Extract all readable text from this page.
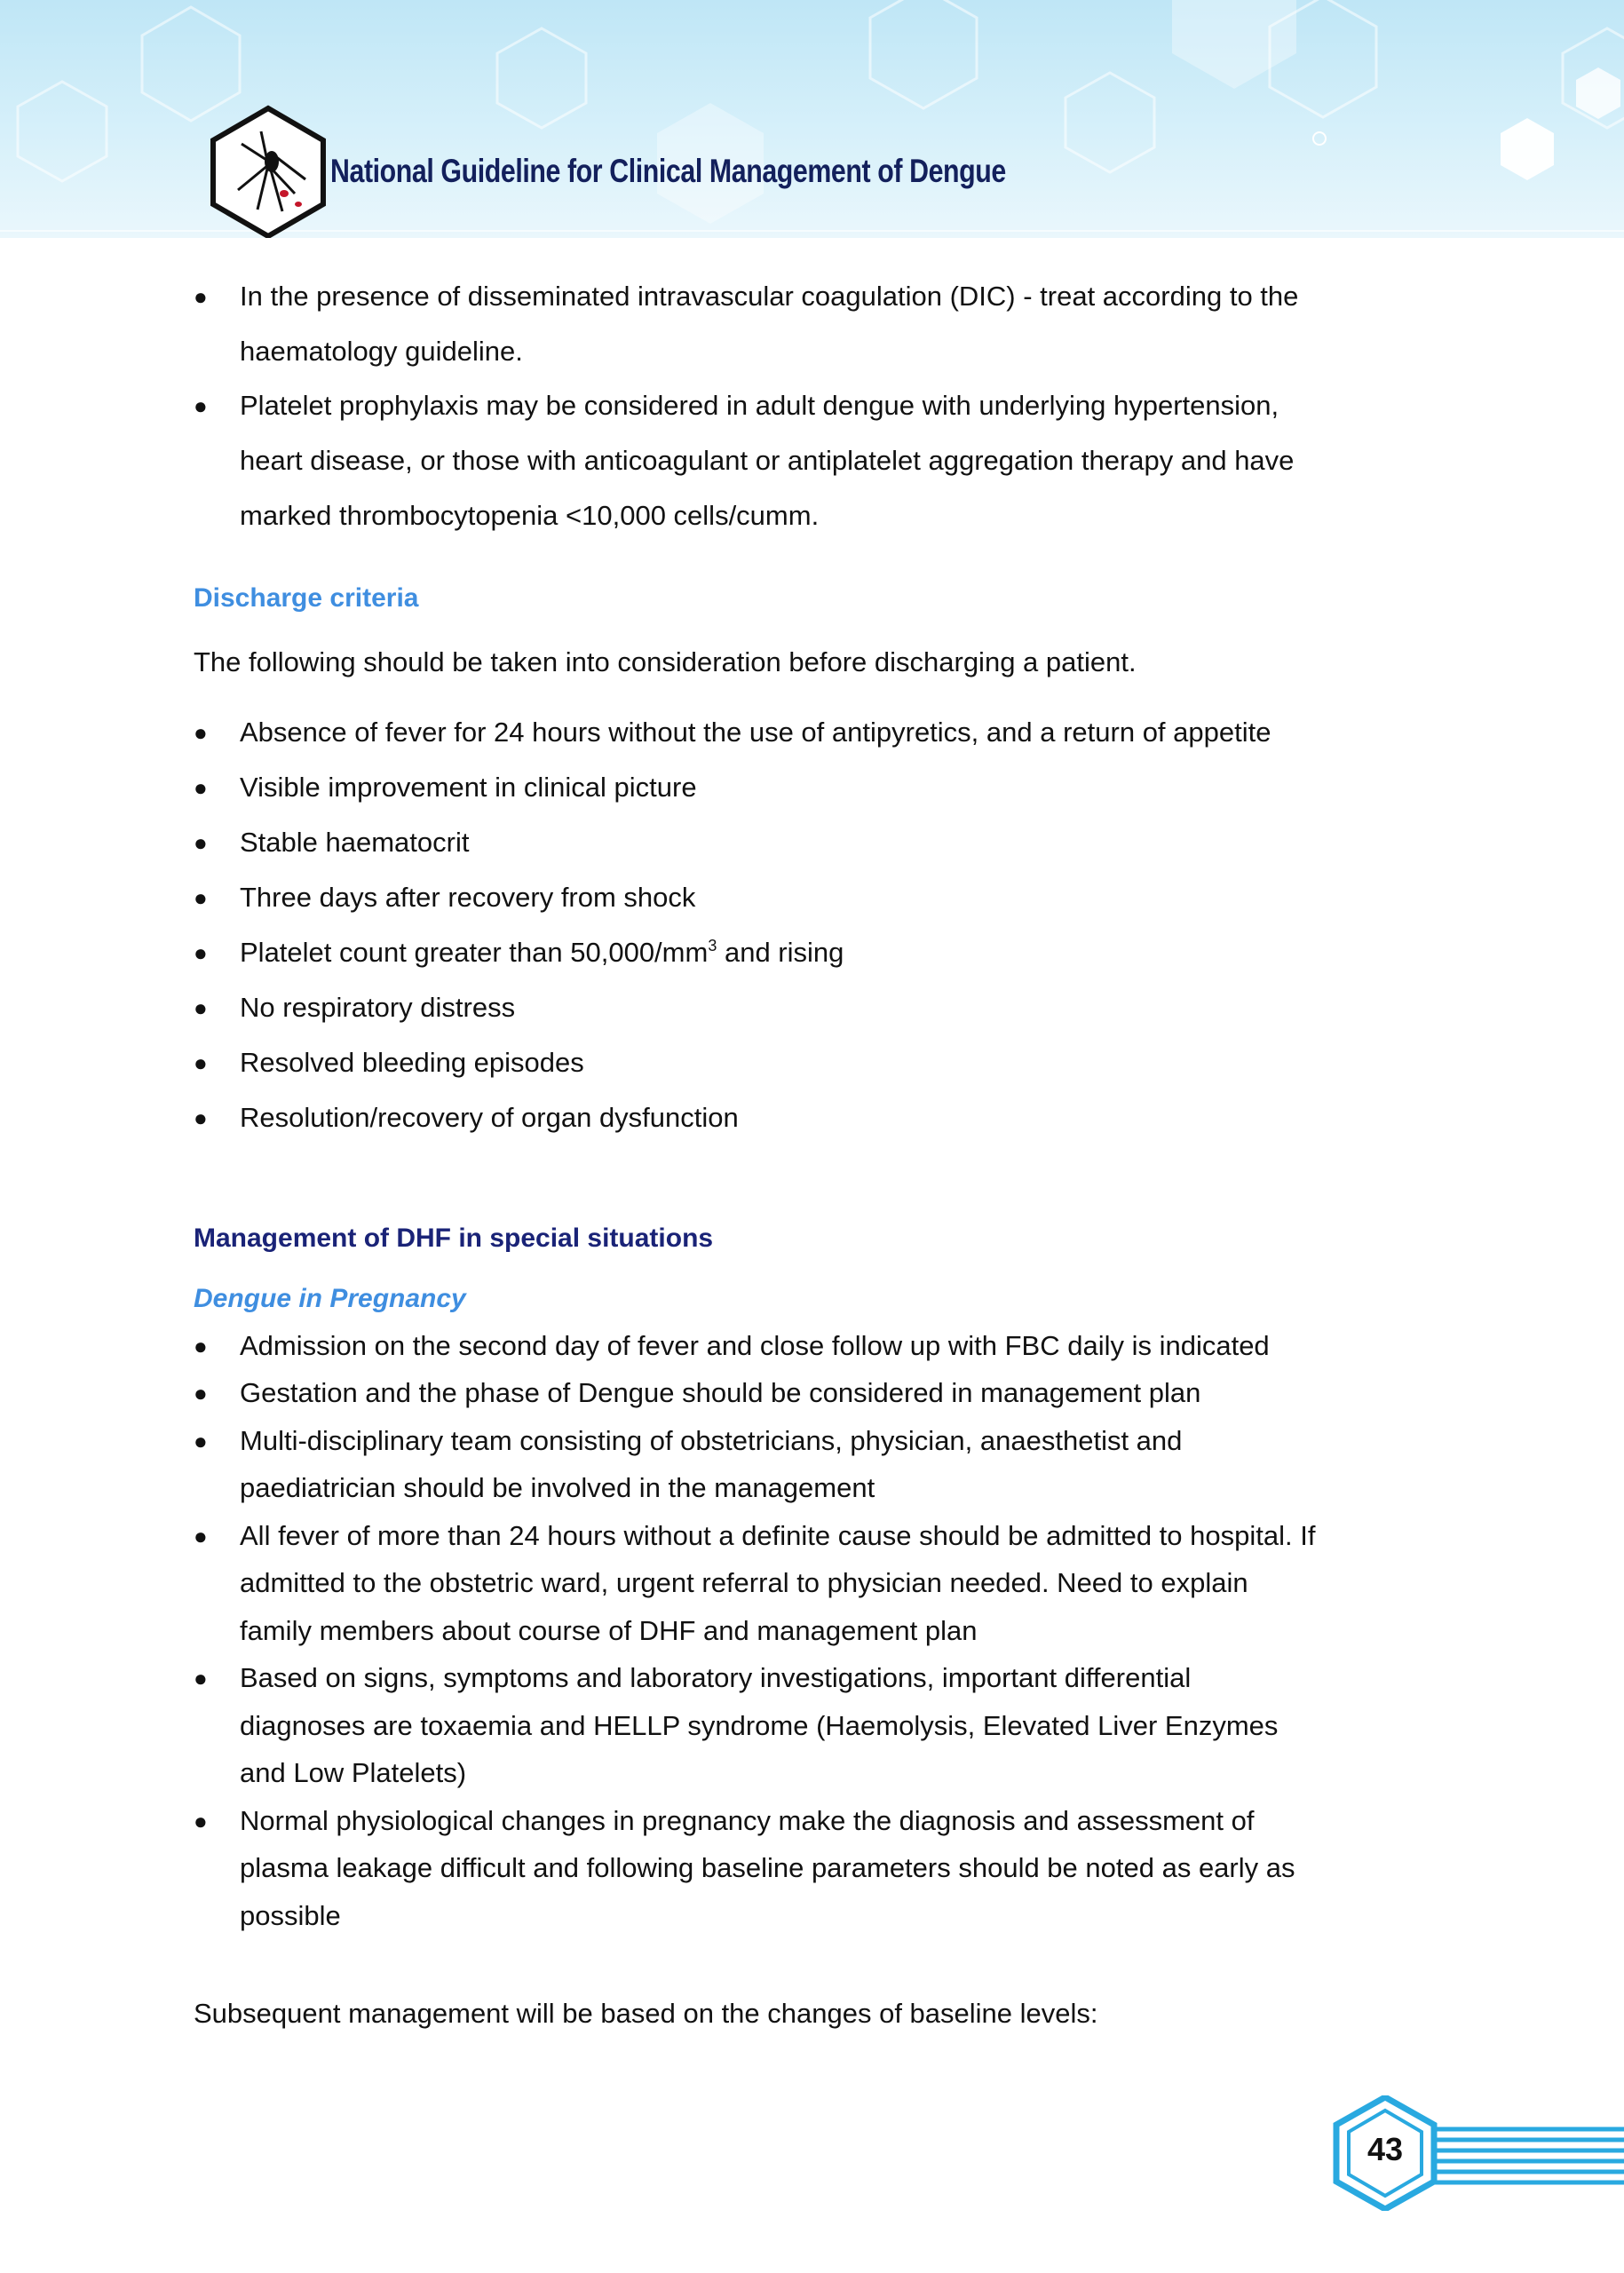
National Guideline for Clinical Management of Dengue
● In the presence of disseminated intravascular coagulation (DIC) - treat according to the
haematology guideline.
● Platelet prophylaxis may be considered in adult dengue with underlying hypertension,
heart disease, or those with anticoagulant or antiplatelet aggregation therapy and have
marked thrombocytopenia <10,000 cells/cumm.
Discharge criteria
The following should be taken into consideration before discharging a patient.
● Absence of fever for 24 hours without the use of antipyretics, and a return of appetite
● Visible improvement in clinical picture
● Stable haematocrit
● Three days after recovery from shock
● Platelet count greater than $50,000/mm^3$ and rising
● No respiratory distress
● Resolved bleeding episodes
● Resolution/recovery of organ dysfunction
Management of DHF in special situations
Dengue in Pregnancy
● Admission on the second day of fever and close follow up with FBC daily is indicated
● Gestation and the phase of Dengue should be considered in management plan
● Multi-disciplinary team consisting of obstetricians, physician, anaesthetist and
paediatrician should be involved in the management
● All fever of more than 24 hours without a definite cause should be admitted to hospital. If
admitted to the obstetric ward, urgent referral to physician needed. Need to explain
family members about course of DHF and management plan
● Based on signs, symptoms and laboratory investigations, important differential
diagnoses are toxaemia and HELLP syndrome (Haemolysis, Elevated Liver Enzymes
and Low Platelets)
● Normal physiological changes in pregnancy make the diagnosis and assessment of
plasma leakage difficult and following baseline parameters should be noted as early as
possible
Subsequent management will be based on the changes of baseline levels:
43
